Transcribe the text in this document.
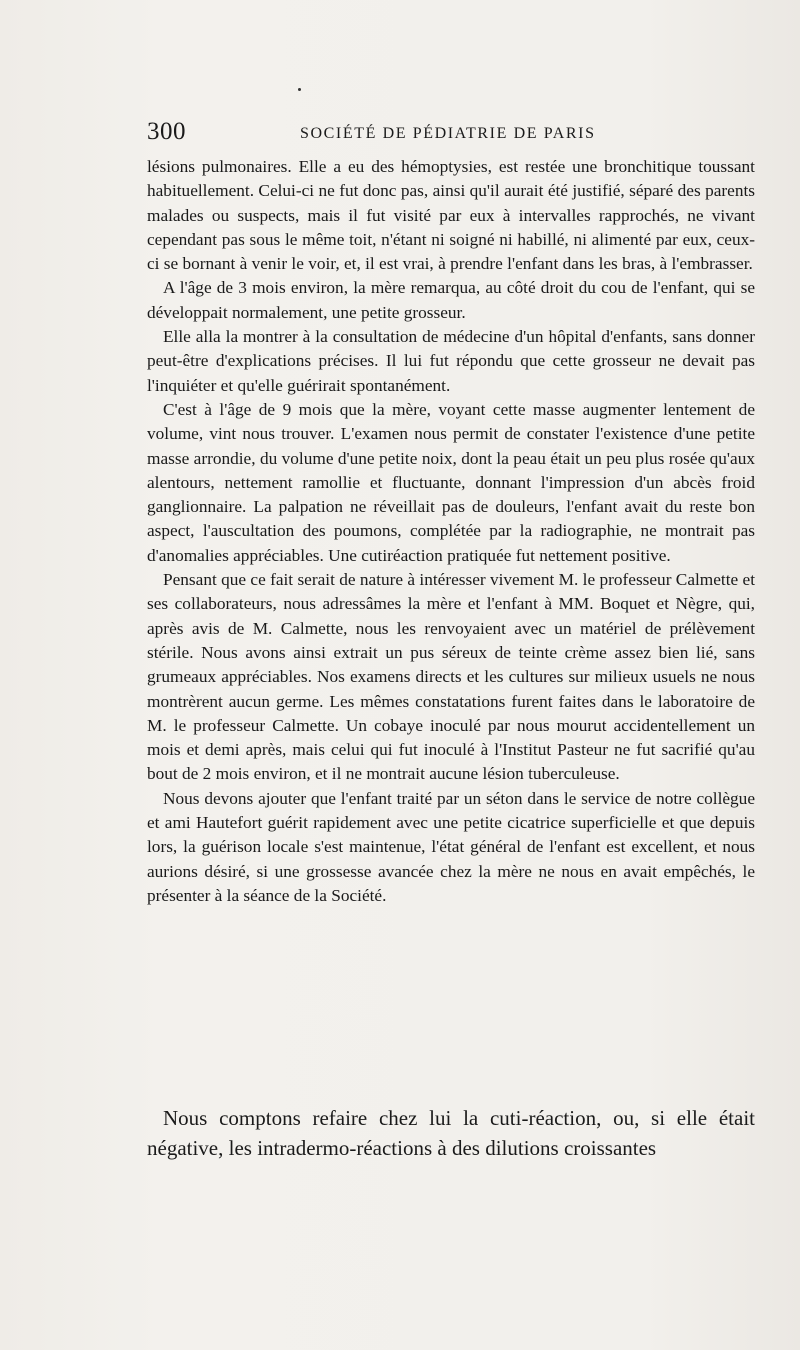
300	SOCIÉTÉ DE PÉDIATRIE DE PARIS

lésions pulmonaires. Elle a eu des hémoptysies, est restée une bronchitique toussant habituellement. Celui-ci ne fut donc pas, ainsi qu'il aurait été justifié, séparé des parents malades ou suspects, mais il fut visité par eux à intervalles rapprochés, ne vivant cependant pas sous le même toit, n'étant ni soigné ni habillé, ni alimenté par eux, ceux-ci se bornant à venir le voir, et, il est vrai, à prendre l'enfant dans les bras, à l'embrasser.

A l'âge de 3 mois environ, la mère remarqua, au côté droit du cou de l'enfant, qui se développait normalement, une petite grosseur.

Elle alla la montrer à la consultation de médecine d'un hôpital d'enfants, sans donner peut-être d'explications précises. Il lui fut répondu que cette grosseur ne devait pas l'inquiéter et qu'elle guérirait spontanément.

C'est à l'âge de 9 mois que la mère, voyant cette masse augmenter lentement de volume, vint nous trouver. L'examen nous permit de constater l'existence d'une petite masse arrondie, du volume d'une petite noix, dont la peau était un peu plus rosée qu'aux alentours, nettement ramollie et fluctuante, donnant l'impression d'un abcès froid ganglionnaire. La palpation ne réveillait pas de douleurs, l'enfant avait du reste bon aspect, l'auscultation des poumons, complétée par la radiographie, ne montrait pas d'anomalies appréciables. Une cutiréaction pratiquée fut nettement positive.

Pensant que ce fait serait de nature à intéresser vivement M. le professeur Calmette et ses collaborateurs, nous adressâmes la mère et l'enfant à MM. Boquet et Nègre, qui, après avis de M. Calmette, nous les renvoyaient avec un matériel de prélèvement stérile. Nous avons ainsi extrait un pus séreux de teinte crème assez bien lié, sans grumeaux appréciables. Nos examens directs et les cultures sur milieux usuels ne nous montrèrent aucun germe. Les mêmes constatations furent faites dans le laboratoire de M. le professeur Calmette. Un cobaye inoculé par nous mourut accidentellement un mois et demi après, mais celui qui fut inoculé à l'Institut Pasteur ne fut sacrifié qu'au bout de 2 mois environ, et il ne montrait aucune lésion tuberculeuse.

Nous devons ajouter que l'enfant traité par un séton dans le service de notre collègue et ami Hautefort guérit rapidement avec une petite cicatrice superficielle et que depuis lors, la guérison locale s'est maintenue, l'état général de l'enfant est excellent, et nous aurions désiré, si une grossesse avancée chez la mère ne nous en avait empêchés, le présenter à la séance de la Société.

Nous comptons refaire chez lui la cuti-réaction, ou, si elle était négative, les intradermo-réactions à des dilutions croissantes
